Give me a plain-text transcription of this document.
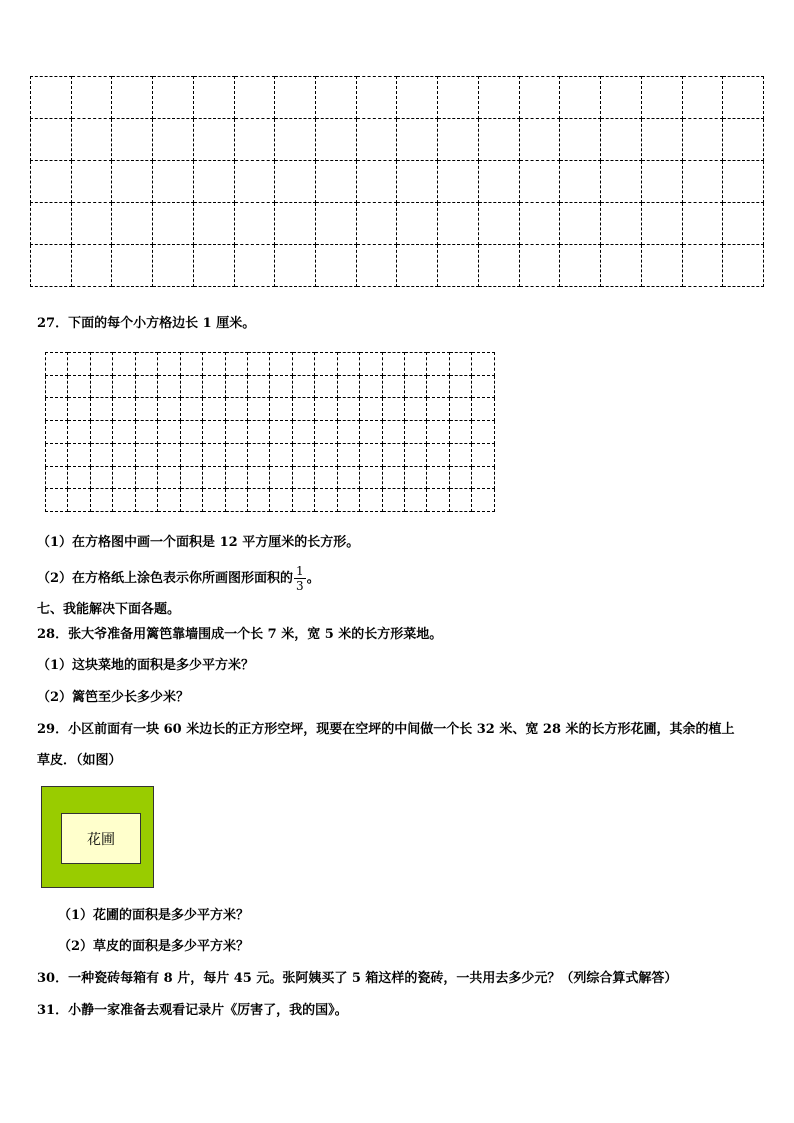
27．下面的每个小方格边长 1 厘米。

（1）在方格图中画一个面积是 12 平方厘米的长方形。
（2）在方格纸上涂色表示你所画图形面积的 $\frac{1}{3}$ 。
七、我能解决下面各题。
28．张大爷准备用篱笆靠墙围成一个长 7 米，宽 5 米的长方形菜地。
（1）这块菜地的面积是多少平方米？
（2）篱笆至少长多少米？
29．小区前面有一块 60 米边长的正方形空坪，现要在空坪的中间做一个长 32 米、宽 28 米的长方形花圃，其余的植上
草皮．（如图）
花圃
（1）花圃的面积是多少平方米？
（2）草皮的面积是多少平方米？
30．一种瓷砖每箱有 8 片，每片 45 元。张阿姨买了 5 箱这样的瓷砖，一共用去多少元？（列综合算式解答）
31．小静一家准备去观看记录片《厉害了，我的国》。
